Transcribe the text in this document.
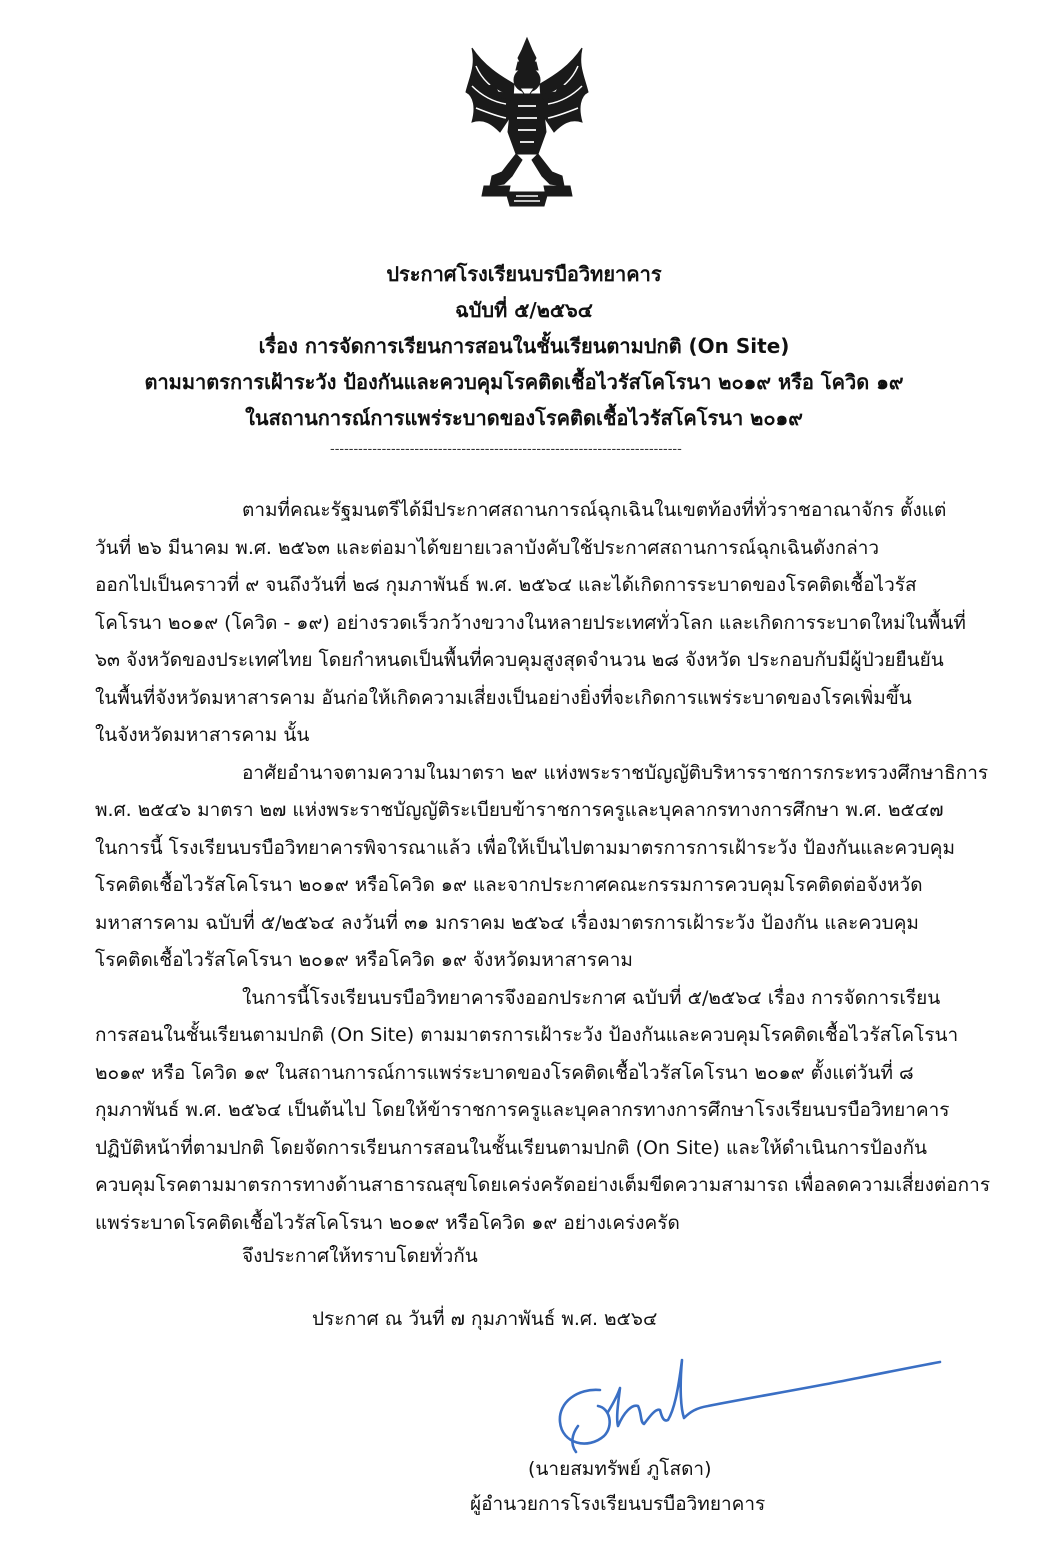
ประกาศโรงเรียนบรบือวิทยาคาร
ฉบับที่ ๕/๒๕๖๔
เรื่อง การจัดการเรียนการสอนในชั้นเรียนตามปกติ (On Site)
ตามมาตรการเฝ้าระวัง ป้องกันและควบคุมโรคติดเชื้อไวรัสโคโรนา ๒๐๑๙ หรือ โควิด ๑๙
ในสถานการณ์การแพร่ระบาดของโรคติดเชื้อไวรัสโคโรนา ๒๐๑๙
---------------------------------------------------------------------------
ตามที่คณะรัฐมนตรีได้มีประกาศสถานการณ์ฉุกเฉินในเขตท้องที่ทั่วราชอาณาจักร ตั้งแต่
วันที่ ๒๖ มีนาคม พ.ศ. ๒๕๖๓ และต่อมาได้ขยายเวลาบังคับใช้ประกาศสถานการณ์ฉุกเฉินดังกล่าว
ออกไปเป็นคราวที่ ๙ จนถึงวันที่ ๒๘ กุมภาพันธ์ พ.ศ. ๒๕๖๔ และได้เกิดการระบาดของโรคติดเชื้อไวรัส
โคโรนา ๒๐๑๙ (โควิด - ๑๙) อย่างรวดเร็วกว้างขวางในหลายประเทศทั่วโลก และเกิดการระบาดใหม่ในพื้นที่
๖๓ จังหวัดของประเทศไทย โดยกำหนดเป็นพื้นที่ควบคุมสูงสุดจำนวน ๒๘ จังหวัด ประกอบกับมีผู้ป่วยยืนยัน
ในพื้นที่จังหวัดมหาสารคาม อันก่อให้เกิดความเสี่ยงเป็นอย่างยิ่งที่จะเกิดการแพร่ระบาดของโรคเพิ่มขึ้น
ในจังหวัดมหาสารคาม นั้น
อาศัยอำนาจตามความในมาตรา ๒๙ แห่งพระราชบัญญัติบริหารราชการกระทรวงศึกษาธิการ
พ.ศ. ๒๕๔๖ มาตรา ๒๗ แห่งพระราชบัญญัติระเบียบข้าราชการครูและบุคลากรทางการศึกษา พ.ศ. ๒๕๔๗
ในการนี้ โรงเรียนบรบือวิทยาคารพิจารณาแล้ว เพื่อให้เป็นไปตามมาตรการการเฝ้าระวัง ป้องกันและควบคุม
โรคติดเชื้อไวรัสโคโรนา ๒๐๑๙ หรือโควิด ๑๙ และจากประกาศคณะกรรมการควบคุมโรคติดต่อจังหวัด
มหาสารคาม ฉบับที่ ๕/๒๕๖๔ ลงวันที่ ๓๑ มกราคม ๒๕๖๔ เรื่องมาตรการเฝ้าระวัง ป้องกัน และควบคุม
โรคติดเชื้อไวรัสโคโรนา ๒๐๑๙ หรือโควิด ๑๙ จังหวัดมหาสารคาม
ในการนี้โรงเรียนบรบือวิทยาคารจึงออกประกาศ ฉบับที่ ๕/๒๕๖๔ เรื่อง การจัดการเรียน
การสอนในชั้นเรียนตามปกติ (On Site) ตามมาตรการเฝ้าระวัง ป้องกันและควบคุมโรคติดเชื้อไวรัสโคโรนา
๒๐๑๙ หรือ โควิด ๑๙ ในสถานการณ์การแพร่ระบาดของโรคติดเชื้อไวรัสโคโรนา ๒๐๑๙ ตั้งแต่วันที่ ๘
กุมภาพันธ์ พ.ศ. ๒๕๖๔ เป็นต้นไป โดยให้ข้าราชการครูและบุคลากรทางการศึกษาโรงเรียนบรบือวิทยาคาร
ปฏิบัติหน้าที่ตามปกติ โดยจัดการเรียนการสอนในชั้นเรียนตามปกติ (On Site) และให้ดำเนินการป้องกัน
ควบคุมโรคตามมาตรการทางด้านสาธารณสุขโดยเคร่งครัดอย่างเต็มขีดความสามารถ เพื่อลดความเสี่ยงต่อการ
แพร่ระบาดโรคติดเชื้อไวรัสโคโรนา ๒๐๑๙ หรือโควิด ๑๙ อย่างเคร่งครัด
จึงประกาศให้ทราบโดยทั่วกัน
ประกาศ ณ วันที่ ๗ กุมภาพันธ์ พ.ศ. ๒๕๖๔
(นายสมทรัพย์ ภูโสดา)
ผู้อำนวยการโรงเรียนบรบือวิทยาคาร
